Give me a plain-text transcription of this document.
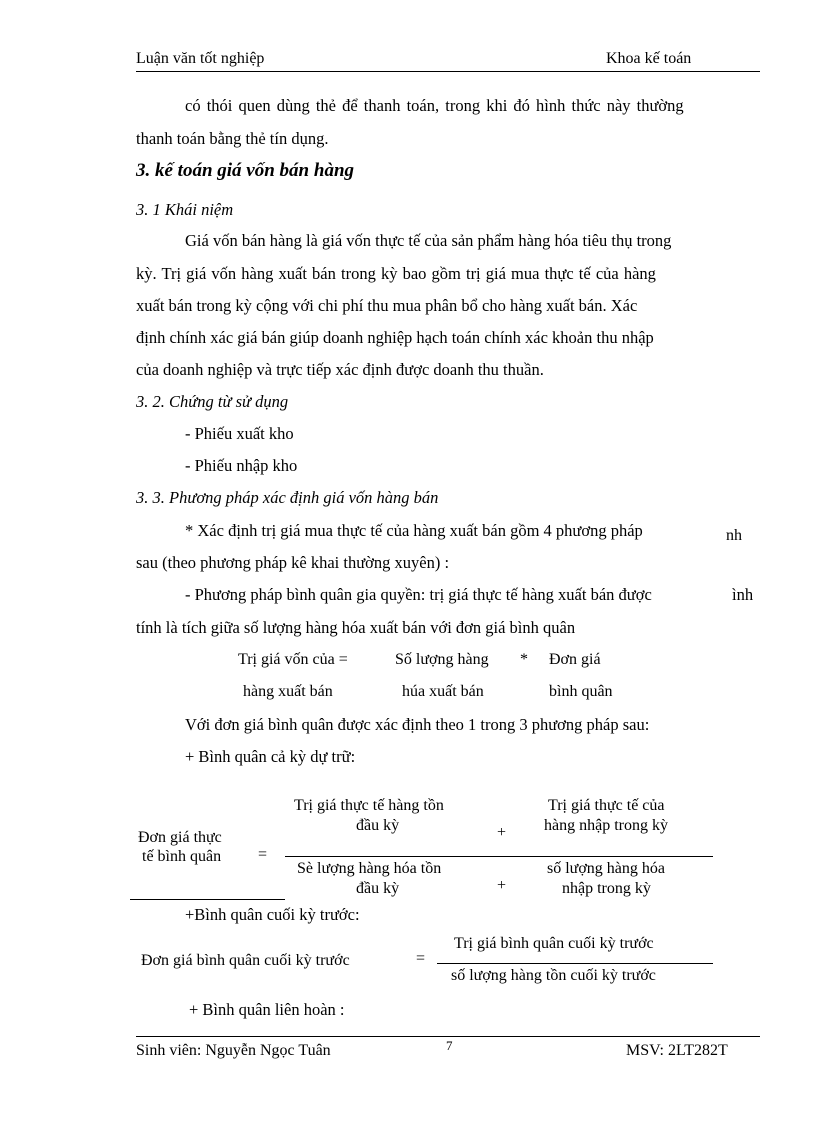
Luận văn tốt nghiệp	Khoa kế toán
có thói quen dùng thẻ để thanh toán, trong khi đó hình thức này thường
thanh toán bằng thẻ tín dụng.
3. kế toán giá vốn bán hàng
3. 1 Khái niệm
Giá vốn bán hàng là giá vốn thực tế của sản phẩm hàng hóa tiêu thụ trong
kỳ. Trị giá vốn hàng xuất bán trong kỳ bao gồm trị giá mua thực tế của hàng
xuất bán trong kỳ cộng với chi phí thu mua phân bổ cho hàng xuất bán. Xác
định chính xác giá bán giúp doanh nghiệp hạch toán chính xác khoản thu nhập
của doanh nghiệp và trực tiếp xác định được doanh thu thuần.
3. 2. Chứng từ sử dụng
- Phiếu xuất kho
- Phiếu nhập kho
3. 3. Phương pháp xác định giá vốn hàng bán
* Xác định trị giá mua thực tế của hàng xuất bán gồm 4 phương pháp	nh
sau (theo phương pháp kê khai thường xuyên) :
- Phương pháp bình quân gia quyền: trị giá thực tế hàng xuất bán được	ình
tính là tích giữa số lượng hàng hóa xuất bán với đơn giá bình quân
Trị giá vốn của =
hàng xuất bán
Số lượng hàng
húa xuất bán
* Đơn giá
bình quân
Với đơn giá bình quân được xác định theo 1 trong 3 phương pháp sau:
+ Bình quân cả kỳ dự trữ:
Đơn giá thực
tế bình quân =
Trị giá thực tế hàng tồn
đầu kỳ	+
Trị giá thực tế của
hàng nhập trong kỳ
Sè lượng hàng hóa tồn
đầu kỳ	+
số lượng hàng hóa
nhập trong kỳ
+Bình quân cuối kỳ trước:
Đơn giá bình quân cuối kỳ trước	=
Trị giá bình quân cuối kỳ trước
số lượng hàng tồn cuối kỳ trước
+ Bình quân liên hoàn :
Sinh viên: Nguyễn Ngọc Tuân	7	MSV: 2LT282T
